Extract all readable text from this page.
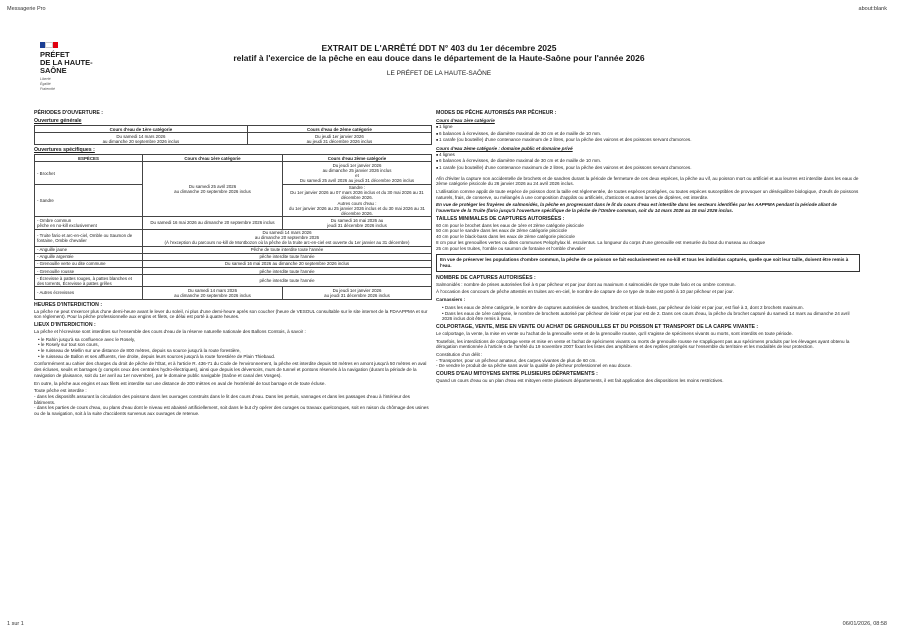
Messagerie Pro	about:blank
PRÉFET
DE LA HAUTE-
SAÔNE
Liberté
Égalité
Fraternité
EXTRAIT DE L'ARRÊTÉ DDT N° 403 du 1er décembre 2025
relatif à l'exercice de la pêche en eau douce dans le département de la Haute-Saône pour l'année 2026
LE PRÉFET DE LA HAUTE-SAÔNE
PÉRIODES D'OUVERTURE :
Ouverture générale
Cours d'eau de 1ère catégorie	Cours d'eau de 2ème catégorie
Du samedi 14 mars 2026
au dimanche 20 septembre 2026 inclus	Du jeudi 1er janvier 2026
au jeudi 31 décembre 2026 inclus
Ouvertures spécifiques :
ESPÈCES	Cours d'eau 1ère catégorie	Cours d'eau 2ème catégorie
- Brochet	Du samedi 25 avril 2026
au dimanche 20 septembre 2026 inclus	Du jeudi 1er janvier 2026
au dimanche 25 janvier 2026 inclus
et
Du samedi 25 avril 2026 au jeudi 31 décembre 2026 inclus
- Sandre		Sandre :
Du 1er janvier 2026 au 07 mars 2026 inclus et du 30 mai 2026 au 31 décembre 2026.
Autres cours d'eau :
du 1er janvier 2026 au 25 janvier 2026 inclus et du 30 mai 2026 au 31 décembre 2026.
- Ombre commun
pêche en no-kill exclusivement	Du samedi 16 mai 2026 au dimanche 20 septembre 2026 inclus	Du samedi 16 mai 2026 au
jeudi 31 décembre 2026 inclus
- Truite fario et arc-en-ciel, Omble ou Saumon de fontaine, Omble chevalier	Du samedi 14 mars 2026
au dimanche 20 septembre 2026
(À l'exception du parcours no-kill de Montbozon où la pêche de la truite arc-en-ciel est ouverte du 1er janvier au 31 décembre)	
- Anguille jaune	Pêche de toute interdite toute l'année	
- Anguille argentée	pêche interdite toute l'année	
- Grenouille verte ou dite commune	Du samedi 16 mai 2026 au dimanche 20 septembre 2026 inclus	
- Grenouille rousse	pêche interdite toute l'année	
- Écrevisse à pattes rouges, à pattes blanches et des torrents, Écrevisse à pattes grêles	pêche interdite toute l'année	
- Autres écrevisses	Du samedi 14 mars 2026
au dimanche 20 septembre 2026 inclus	Du jeudi 1er janvier 2026
au jeudi 31 décembre 2026 inclus
HEURES D'INTERDICTION :
La pêche ne peut s'exercer plus d'une demi-heure avant le lever du soleil, ni plus d'une demi-heure après son coucher (heure de VESOUL consultable sur le site internet de la FDAAPPMA et sur son règlement). Pour la pêche professionnelle aux engins et filets, ce délai est porté à quatre heures.
LIEUX D'INTERDICTION :
La pêche et l'écrevisse sont interdites sur l'ensemble des cours d'eau de la réserve naturelle nationale des Ballons Comtois, à savoir :
• le Rahin jusqu'à sa confluence avec le Rosely,
• le Rosely sur tout son cours,
• le ruisseau de Miellin sur une distance de 800 mètres, depuis sa source jusqu'à la route forestière,
• le ruisseau de Ballon et ses affluents, rive droite, depuis leurs sources jusqu'à la route forestière de Plain Thiebaud.
Conformément au cahier des charges du droit de pêche de l'État, et à l'article R. 436-71 du Code de l'environnement, la pêche est interdite depuis 50 mètres en amont jusqu'à 50 mètres en aval des écluses, seuils et barrages (y compris ceux des centrales hydro-électriques), ainsi que depuis les déversoirs, murs de tunnel et pontons réservés à la navigation (durant la période de la navigation de plaisance, soit du 1er avril au 1er novembre), par le domaine public navigable (Saône et canal des Vosges).
En outre, la pêche aux engins et aux filets est interdite sur une distance de 200 mètres en aval de l'extrémité de tout barrage et de toute écluse.
Toute pêche est interdite :
- dans les dispositifs assurant la circulation des poissons dans les ouvrages construits dans le lit des cours d'eau. Dans les pertuis, vannages et dans les passages d'eau à l'intérieur des bâtiments.
- dans les parties de cours d'eau, ou plans d'eau dont le niveau est abaissé artificiellement, soit dans le but d'y opérer des curages ou travaux quelconques, soit en raison du chômage des usines ou de la navigation, soit à la suite d'accidents survenus aux ouvrages de retenue.
MODES DE PÊCHE AUTORISÉS PAR PÊCHEUR :
Cours d'eau 1ère catégorie
■ 1 ligne
■ 6 balances à écrevisses, de diamètre maximal de 30 cm et de maille de 10 mm.
■ 1 carafe (ou bouteille) d'une contenance maximum de 2 litres, pour la pêche des vairons et des poissons servant d'amorces.
Cours d'eau 2ème catégorie : domaine public et domaine privé
■ 4 lignes
■ 6 balances à écrevisses, de diamètre maximal de 30 cm et de maille de 10 mm.
■ 1 carafe (ou bouteille) d'une contenance maximum de 2 litres, pour la pêche des vairons et des poissons servant d'amorces.
Afin d'éviter la capture non accidentelle de brochets et de sandres durant la période de fermeture de ces deux espèces, la pêche au vif, au poisson mort ou artificiel et aux leurres est interdite dans les eaux de 2ème catégorie piscicole du 26 janvier 2026 au 24 avril 2026 inclus.
L'utilisation comme appât de toute espèce de poisson dont la taille est réglementée, de toutes espèces protégées, ou toutes espèces susceptibles de provoquer un déséquilibre biologique, d'œufs de poissons naturels, frais, de conserve, ou mélangés à une composition d'appâts ou artificiels, d'asticots et autres larves de diptères, est interdite.
En vue de protéger les frayères de salmonidés, la pêche en progressant dans le lit du cours d'eau est interdite dans les secteurs identifiés par les AAPPMA pendant la période allant de l'ouverture de la Truite (fario jusqu'à l'ouverture spécifique de la pêche de l'Ombre commun, soit du 14 mars 2026 au 15 mai 2026 inclus.
TAILLES MINIMALES DE CAPTURES AUTORISÉES :
60 cm pour le brochet dans les eaux de 1ère et 2ème catégorie piscicole
50 cm pour le sandre dans les eaux de 2ème catégorie piscicole
40 cm pour le black-bass dans les eaux de 2ème catégorie piscicole
8 cm pour les grenouilles vertes ou dites communes Pelophylax kl. esculentus. La longueur du corps d'une grenouille est mesurée du bout du museau au cloaque
25 cm pour les truites, l'omble ou saumon de fontaine et l'omble chevalier
En vue de préserver les populations d'ombre commun, la pêche de ce poisson se fait exclusivement en no-kill et tous les individus capturés, quelle que soit leur taille, doivent être remis à l'eau.
NOMBRE DE CAPTURES AUTORISÉES :
Salmonidés : nombre de prises autorisées fixé à 6 par pêcheur et par jour dont au maximum 4 salmonidés de type truite fario et ou ombre commun.
À l'occasion des concours de pêche attestés en truites arc-en-ciel, le nombre de capture de ce type de truite est porté à 10 par pêcheur et par jour.
Carnassiers :
• Dans les eaux de 2ème catégorie, le nombre de captures autorisées de sandres, brochets et black-bass, par pêcheur de loisir et par jour, est fixé à 3, dont 2 brochets maximum.
• Dans les eaux de 1ère catégorie, le nombre de brochets autorisé par pêcheur de loisir et par jour est de 2. Dans ces cours d'eau, la pêche du brochet capturé du samedi 14 mars au dimanche 24 avril 2026 inclus doit être remis à l'eau.
COLPORTAGE, VENTE, MISE EN VENTE OU ACHAT DE GRENOUILLES ET DU POISSON ET TRANSPORT DE LA CARPE VIVANTE :
Le colportage, la vente, la mise en vente ou l'achat de la grenouille verte et de la grenouille rousse, qu'il s'agisse de spécimens vivants ou morts, sont interdits en toute période.
Toutefois, les interdictions de colportage vente et mise en vente et l'achat de spécimens vivants ou morts de grenouille rousse ne s'appliquent pas aux spécimens produits par les élevages ayant obtenu la dérogation mentionnée à l'article 6 de l'arrêté du 19 novembre 2007 fixant les listes des amphibiens et des reptiles protégés sur l'ensemble du territoire et les modalités de leur protection.
Constitution d'un délit :
- Transporter, pour un pêcheur amateur, des carpes vivantes de plus de 60 cm.
- De vendre le produit de sa pêche sans avoir la qualité de pêcheur professionnel en eau douce.
COURS D'EAU MITOYENS ENTRE PLUSIEURS DÉPARTEMENTS :
Quand un cours d'eau ou un plan d'eau est mitoyen entre plusieurs départements, il est fait application des dispositions les moins restrictives.
1 sur 1	06/01/2026, 08:58
